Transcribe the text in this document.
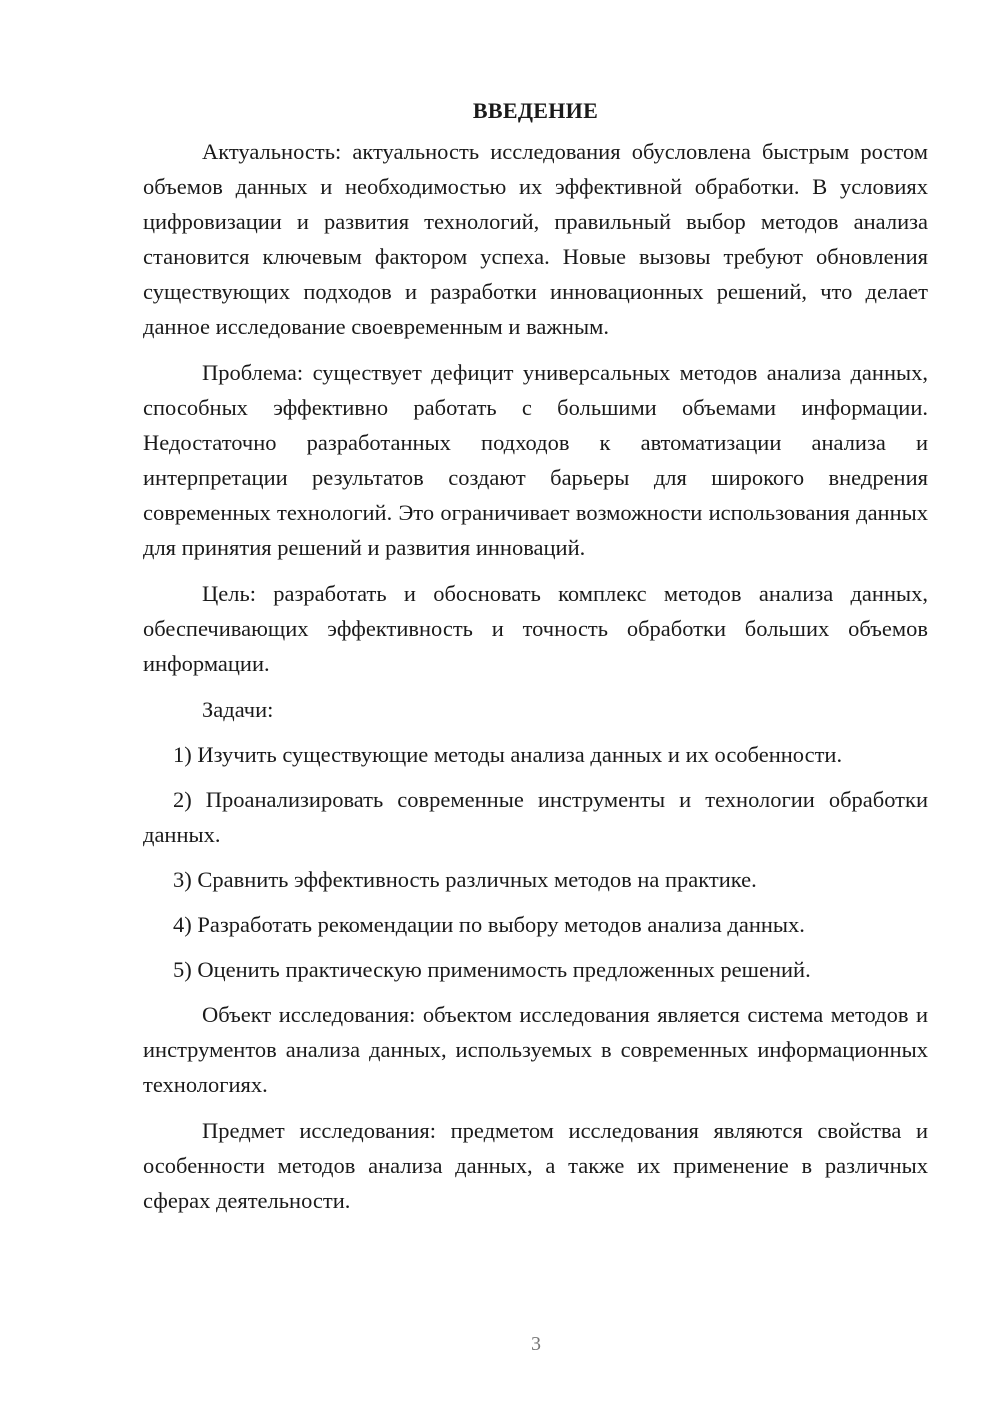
ВВЕДЕНИЕ

Актуальность: актуальность исследования обусловлена быстрым ростом объемов данных и необходимостью их эффективной обработки. В условиях цифровизации и развития технологий, правильный выбор методов анализа становится ключевым фактором успеха. Новые вызовы требуют обновления существующих подходов и разработки инновационных решений, что делает данное исследование своевременным и важным.

Проблема: существует дефицит универсальных методов анализа данных, способных эффективно работать с большими объемами информации. Недостаточно разработанных подходов к автоматизации анализа и интерпретации результатов создают барьеры для широкого внедрения современных технологий. Это ограничивает возможности использования данных для принятия решений и развития инноваций.

Цель: разработать и обосновать комплекс методов анализа данных, обеспечивающих эффективность и точность обработки больших объемов информации.

Задачи:

1) Изучить существующие методы анализа данных и их особенности.

2) Проанализировать современные инструменты и технологии обработки данных.

3) Сравнить эффективность различных методов на практике.

4) Разработать рекомендации по выбору методов анализа данных.

5) Оценить практическую применимость предложенных решений.

Объект исследования: объектом исследования является система методов и инструментов анализа данных, используемых в современных информационных технологиях.

Предмет исследования: предметом исследования являются свойства и особенности методов анализа данных, а также их применение в различных сферах деятельности.

3
